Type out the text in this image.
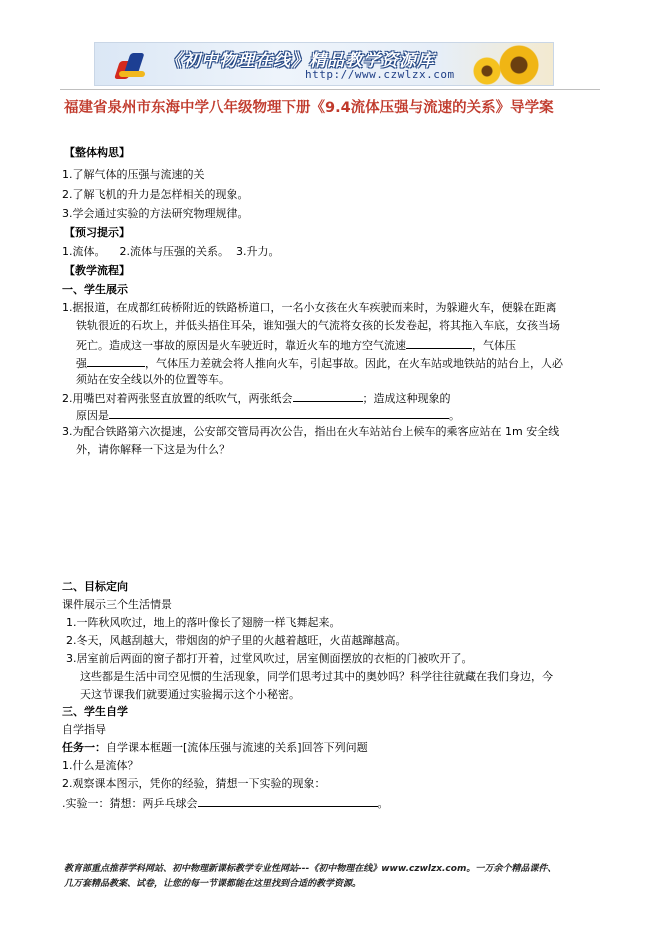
《初中物理在线》精品教学资源库
http://www.czwlzx.com
福建省泉州市东海中学八年级物理下册《9.4流体压强与流速的关系》导学案
【整体构思】
1.了解气体的压强与流速的关
2.了解飞机的升力是怎样相关的现象。
3.学会通过实验的方法研究物理规律。
【预习提示】
1.流体。    2.流体与压强的关系。  3.升力。
【教学流程】
一、学生展示
1.据报道，在成都红砖桥附近的铁路桥道口，一名小女孩在火车疾驶而来时，为躲避火车，便躲在距离
铁轨很近的石坎上，并低头捂住耳朵，谁知强大的气流将女孩的长发卷起，将其拖入车底，女孩当场
死亡。造成这一事故的原因是火车驶近时，靠近火车的地方空气流速	，气体压
强	，气体压力差就会将人推向火车，引起事故。因此，在火车站或地铁站的站台上，人必
须站在安全线以外的位置等车。
2.用嘴巴对着两张竖直放置的纸吹气，两张纸会	；造成这种现象的
原因是	。
3.为配合铁路第六次提速，公安部交管局再次公告，指出在火车站站台上候车的乘客应站在 1m 安全线
外，请你解释一下这是为什么？
二、目标定向
课件展示三个生活情景
1.一阵秋风吹过，地上的落叶像长了翅膀一样飞舞起来。
2.冬天，风越刮越大，带烟囱的炉子里的火越着越旺，火苗越蹿越高。
3.居室前后两面的窗子都打开着，过堂风吹过，居室侧面摆放的衣柜的门被吹开了。
这些都是生活中司空见惯的生活现象，同学们思考过其中的奥妙吗？科学往往就藏在我们身边，今
天这节课我们就要通过实验揭示这个小秘密。
三、学生自学
自学指导
任务一：自学课本框题一[流体压强与流速的关系]回答下列问题
1.什么是流体？
2.观察课本图示，凭你的经验，猜想一下实验的现象：
.实验一：猜想：两乒乓球会	。
教育部重点推荐学科网站、初中物理新课标教学专业性网站---《初中物理在线》www.czwlzx.com。一万余个精品课件、
几万套精品教案、试卷，让您的每一节课都能在这里找到合适的教学资源。
